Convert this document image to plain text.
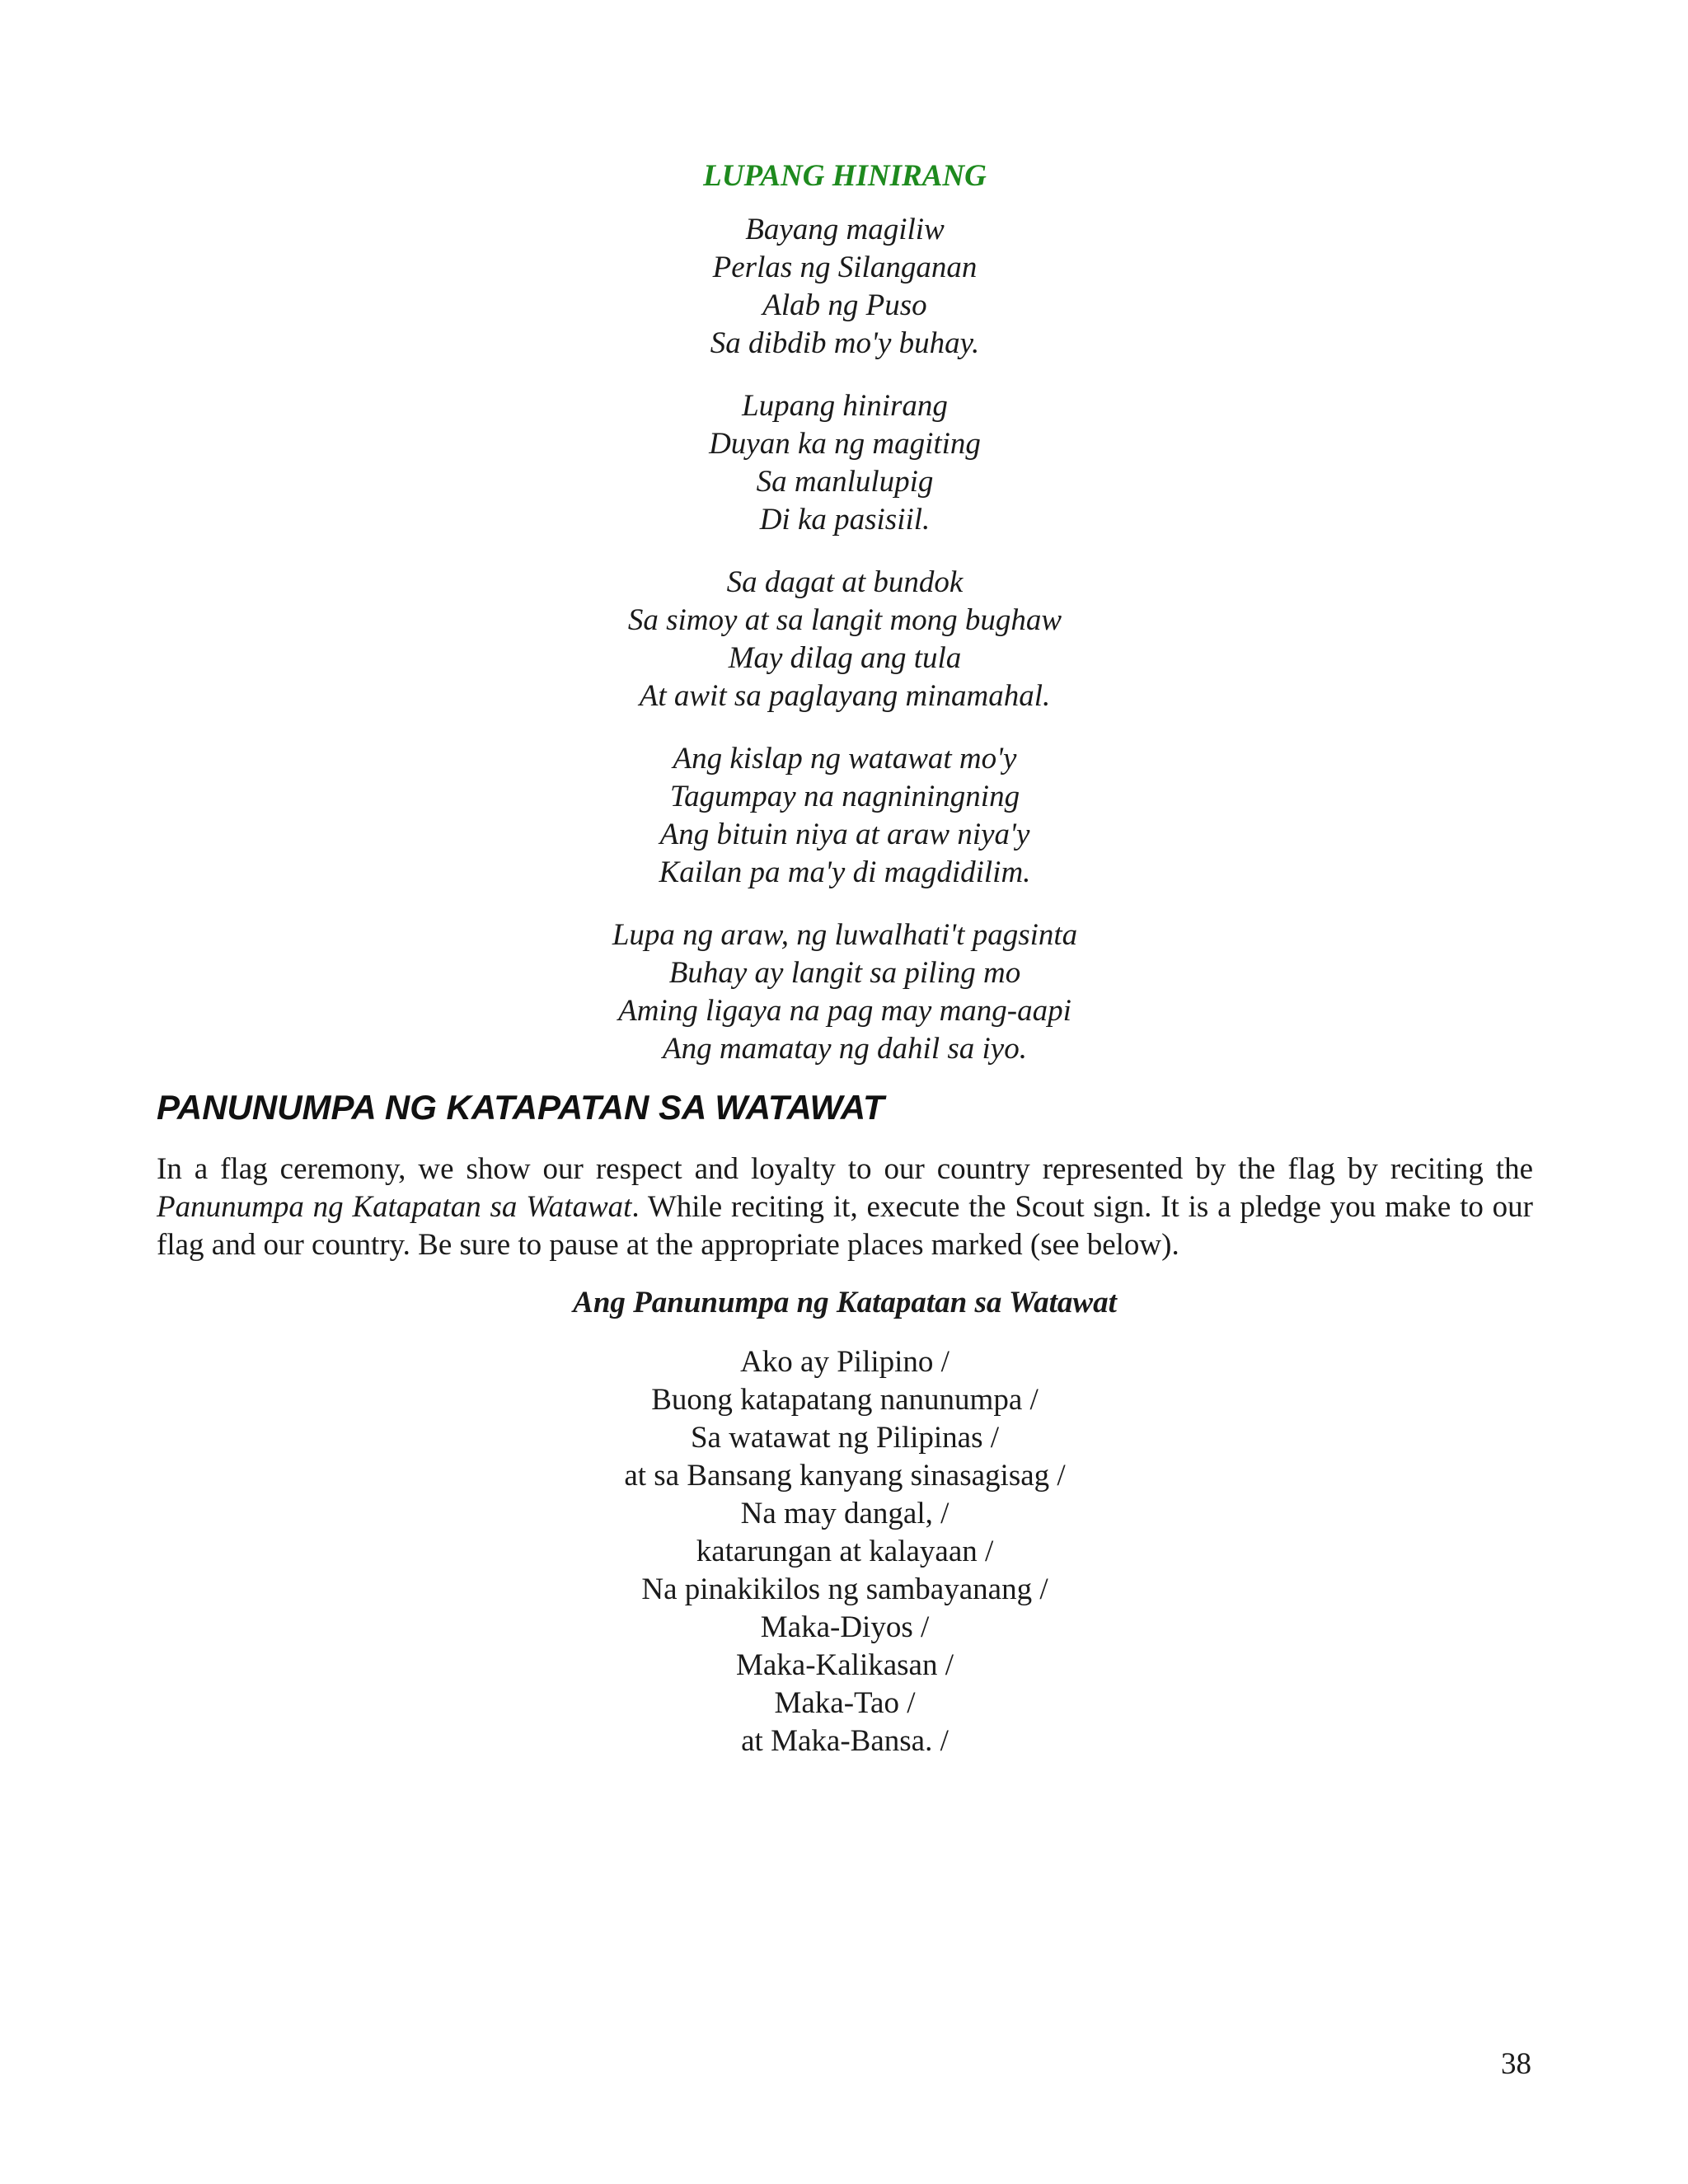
LUPANG HINIRANG
Bayang magiliw
Perlas ng Silanganan
Alab ng Puso
Sa dibdib mo'y buhay.
Lupang hinirang
Duyan ka ng magiting
Sa manlulupig
Di ka pasisiil.
Sa dagat at bundok
Sa simoy at sa langit mong bughaw
May dilag ang tula
At awit sa paglayang minamahal.
Ang kislap ng watawat mo'y
Tagumpay na nagniningning
Ang bituin niya at araw niya'y
Kailan pa ma'y di magdidilim.
Lupa ng araw, ng luwalhati't pagsinta
Buhay ay langit sa piling mo
Aming ligaya na pag may mang-aapi
Ang mamatay ng dahil sa iyo.
PANUNUMPA NG KATAPATAN SA WATAWAT

In a flag ceremony, we show our respect and loyalty to our country represented by the flag by reciting the Panunumpa ng Katapatan sa Watawat. While reciting it, execute the Scout sign. It is a pledge you make to our flag and our country. Be sure to pause at the appropriate places marked (see below).

Ang Panunumpa ng Katapatan sa Watawat
Ako ay Pilipino /
Buong katapatang nanunumpa /
Sa watawat ng Pilipinas /
at sa Bansang kanyang sinasagisag /
Na may dangal, /
katarungan at kalayaan /
Na pinakikilos ng sambayanang /
Maka-Diyos /
Maka-Kalikasan /
Maka-Tao /
at Maka-Bansa. /
38
